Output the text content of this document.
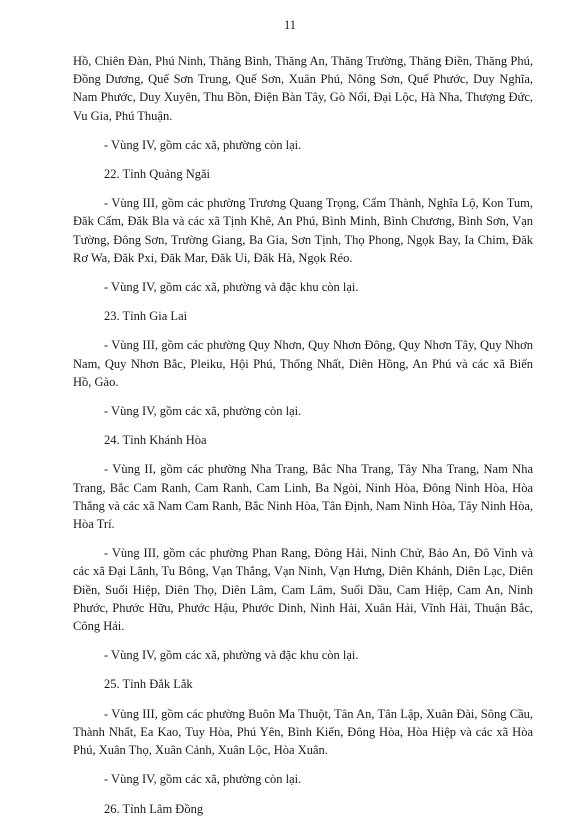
11

Hồ, Chiên Đàn, Phú Ninh, Thăng Bình, Thăng An, Thăng Trường, Thăng Điền, Thăng Phú, Đồng Dương, Quế Sơn Trung, Quế Sơn, Xuân Phú, Nông Sơn, Quế Phước, Duy Nghĩa, Nam Phước, Duy Xuyên, Thu Bồn, Điện Bàn Tây, Gò Nổi, Đại Lộc, Hà Nha, Thượng Đức, Vu Gia, Phú Thuận.

- Vùng IV, gồm các xã, phường còn lại.

22. Tỉnh Quảng Ngãi

- Vùng III, gồm các phường Trương Quang Trọng, Cẩm Thành, Nghĩa Lộ, Kon Tum, Đăk Cấm, Đăk Bla và các xã Tịnh Khê, An Phú, Bình Minh, Bình Chương, Bình Sơn, Vạn Tường, Đông Sơn, Trường Giang, Ba Gia, Sơn Tịnh, Thọ Phong, Ngọk Bay, Ia Chim, Đăk Rơ Wa, Đăk Pxi, Đăk Mar, Đăk Ui, Đăk Hà, Ngọk Réo.

- Vùng IV, gồm các xã, phường và đặc khu còn lại.

23. Tỉnh Gia Lai

- Vùng III, gồm các phường Quy Nhơn, Quy Nhơn Đông, Quy Nhơn Tây, Quy Nhơn Nam, Quy Nhơn Bắc, Pleiku, Hội Phú, Thống Nhất, Diên Hồng, An Phú và các xã Biển Hồ, Gào.

- Vùng IV, gồm các xã, phường còn lại.

24. Tỉnh Khánh Hòa

- Vùng II, gồm các phường Nha Trang, Bắc Nha Trang, Tây Nha Trang, Nam Nha Trang, Bắc Cam Ranh, Cam Ranh, Cam Linh, Ba Ngòi, Ninh Hòa, Đông Ninh Hòa, Hòa Thắng và các xã Nam Cam Ranh, Bắc Ninh Hòa, Tân Định, Nam Ninh Hòa, Tây Ninh Hòa, Hòa Trí.

- Vùng III, gồm các phường Phan Rang, Đông Hải, Ninh Chử, Bảo An, Đô Vinh và các xã Đại Lãnh, Tu Bông, Vạn Thắng, Vạn Ninh, Vạn Hưng, Diên Khánh, Diên Lạc, Diên Điền, Suối Hiệp, Diên Thọ, Diên Lâm, Cam Lâm, Suối Dầu, Cam Hiệp, Cam An, Ninh Phước, Phước Hữu, Phước Hậu, Phước Dinh, Ninh Hải, Xuân Hải, Vĩnh Hải, Thuận Bắc, Công Hải.

- Vùng IV, gồm các xã, phường và đặc khu còn lại.

25. Tỉnh Đắk Lắk

- Vùng III, gồm các phường Buôn Ma Thuột, Tân An, Tân Lập, Xuân Đài, Sông Cầu, Thành Nhất, Ea Kao, Tuy Hòa, Phú Yên, Bình Kiến, Đông Hòa, Hòa Hiệp và các xã Hòa Phú, Xuân Thọ, Xuân Cảnh, Xuân Lộc, Hòa Xuân.

- Vùng IV, gồm các xã, phường còn lại.

26. Tỉnh Lâm Đồng
